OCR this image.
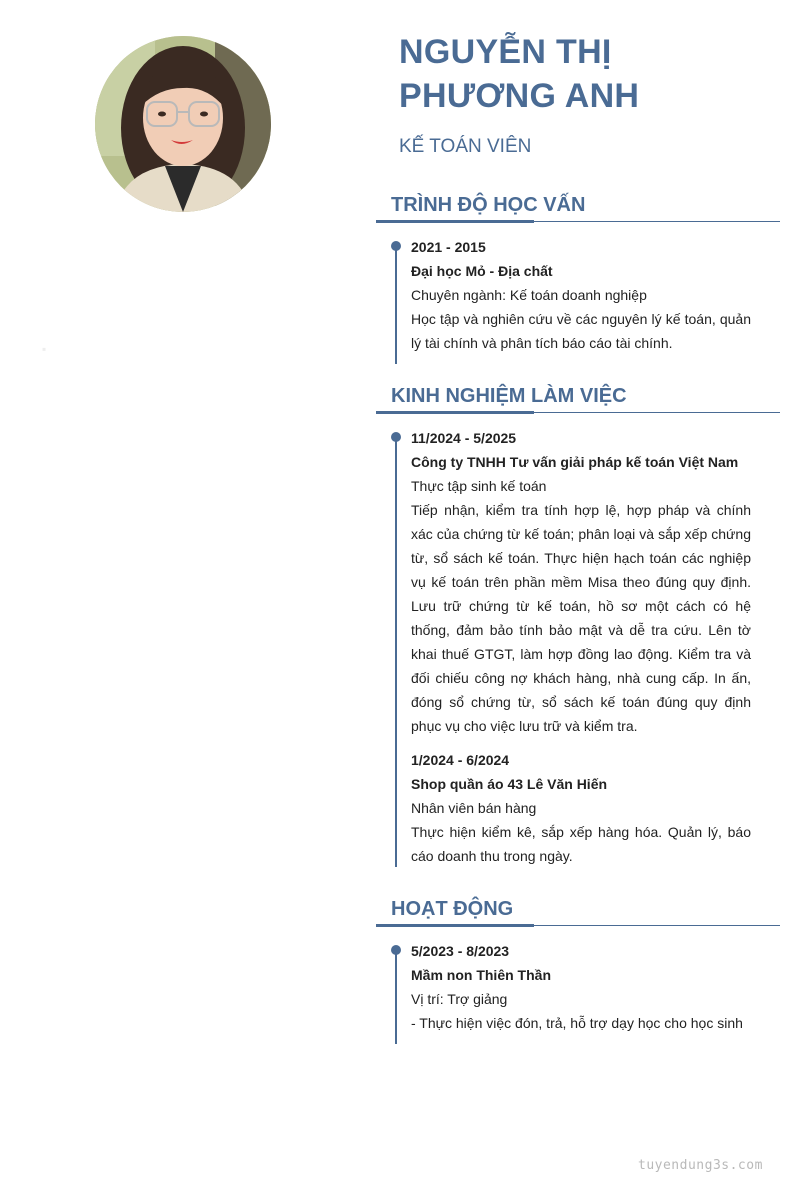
NGUYỄN THỊ
PHƯƠNG ANH

KẾ TOÁN VIÊN

▪
TRÌNH ĐỘ HỌC VẤN
2021 - 2015
Đại học Mỏ - Địa chất
Chuyên ngành: Kế toán doanh nghiệp
Học tập và nghiên cứu về các nguyên lý kế toán, quản lý tài chính và phân tích báo cáo tài chính.
KINH NGHIỆM LÀM VIỆC
11/2024 - 5/2025
Công ty TNHH Tư vấn giải pháp kế toán Việt Nam
Thực tập sinh kế toán
Tiếp nhận, kiểm tra tính hợp lệ, hợp pháp và chính xác của chứng từ kế toán; phân loại và sắp xếp chứng từ, sổ sách kế toán. Thực hiện hạch toán các nghiệp vụ kế toán trên phần mềm Misa theo đúng quy định. Lưu trữ chứng từ kế toán, hồ sơ một cách có hệ thống, đảm bảo tính bảo mật và dễ tra cứu. Lên tờ khai thuế GTGT, làm hợp đồng lao động. Kiểm tra và đối chiếu công nợ khách hàng, nhà cung cấp. In ấn, đóng sổ chứng từ, sổ sách kế toán đúng quy định phục vụ cho việc lưu trữ và kiểm tra.
1/2024 - 6/2024
Shop quần áo 43 Lê Văn Hiến
Nhân viên bán hàng
Thực hiện kiểm kê, sắp xếp hàng hóa. Quản lý, báo cáo doanh thu trong ngày.
HOẠT ĐỘNG
5/2023 - 8/2023
Mầm non Thiên Thần
Vị trí: Trợ giảng
- Thực hiện việc đón, trả, hỗ trợ dạy học cho học sinh
tuyendung3s.com
